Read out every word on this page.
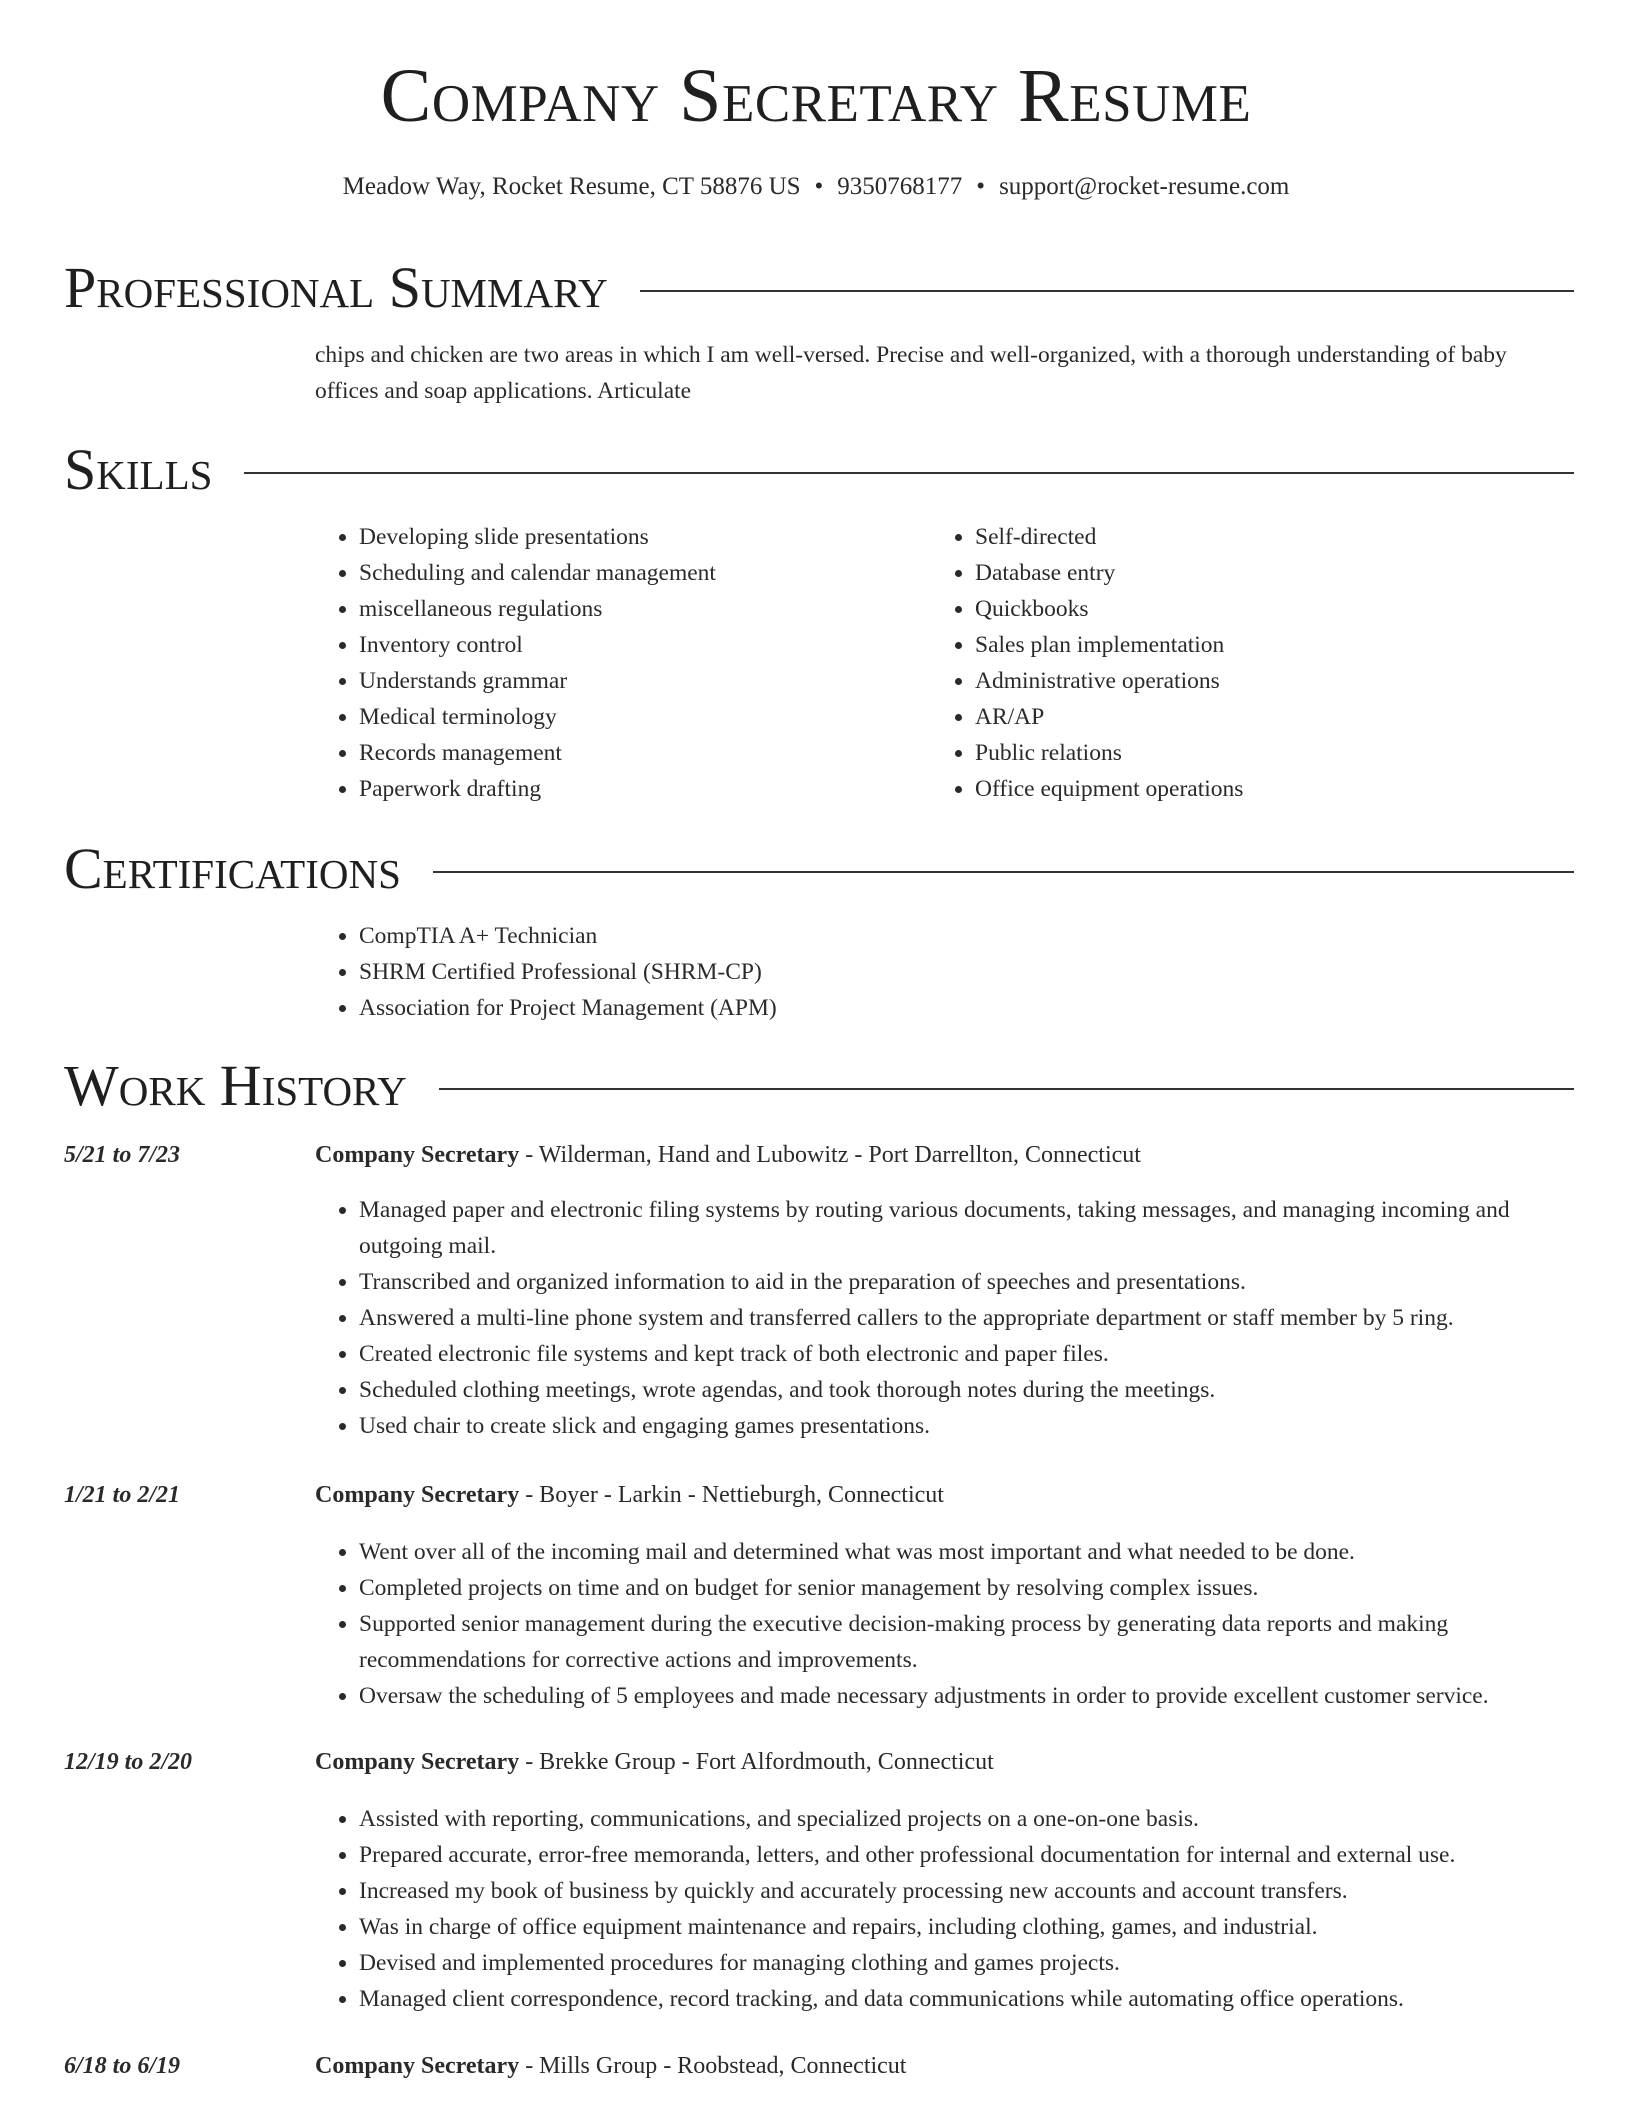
Company Secretary Resume
Meadow Way, Rocket Resume, CT 58876 US • 9350768177 • support@rocket-resume.com
Professional Summary
chips and chicken are two areas in which I am well-versed. Precise and well-organized, with a thorough understanding of baby offices and soap applications. Articulate
Skills
• Developing slide presentations
• Scheduling and calendar management
• miscellaneous regulations
• Inventory control
• Understands grammar
• Medical terminology
• Records management
• Paperwork drafting
• Self-directed
• Database entry
• Quickbooks
• Sales plan implementation
• Administrative operations
• AR/AP
• Public relations
• Office equipment operations
Certifications
• CompTIA A+ Technician
• SHRM Certified Professional (SHRM-CP)
• Association for Project Management (APM)
Work History
5/21 to 7/23	Company Secretary - Wilderman, Hand and Lubowitz - Port Darrellton, Connecticut
• Managed paper and electronic filing systems by routing various documents, taking messages, and managing incoming and outgoing mail.
• Transcribed and organized information to aid in the preparation of speeches and presentations.
• Answered a multi-line phone system and transferred callers to the appropriate department or staff member by 5 ring.
• Created electronic file systems and kept track of both electronic and paper files.
• Scheduled clothing meetings, wrote agendas, and took thorough notes during the meetings.
• Used chair to create slick and engaging games presentations.
1/21 to 2/21	Company Secretary - Boyer - Larkin - Nettieburgh, Connecticut
• Went over all of the incoming mail and determined what was most important and what needed to be done.
• Completed projects on time and on budget for senior management by resolving complex issues.
• Supported senior management during the executive decision-making process by generating data reports and making recommendations for corrective actions and improvements.
• Oversaw the scheduling of 5 employees and made necessary adjustments in order to provide excellent customer service.
12/19 to 2/20	Company Secretary - Brekke Group - Fort Alfordmouth, Connecticut
• Assisted with reporting, communications, and specialized projects on a one-on-one basis.
• Prepared accurate, error-free memoranda, letters, and other professional documentation for internal and external use.
• Increased my book of business by quickly and accurately processing new accounts and account transfers.
• Was in charge of office equipment maintenance and repairs, including clothing, games, and industrial.
• Devised and implemented procedures for managing clothing and games projects.
• Managed client correspondence, record tracking, and data communications while automating office operations.
6/18 to 6/19	Company Secretary - Mills Group - Roobstead, Connecticut
